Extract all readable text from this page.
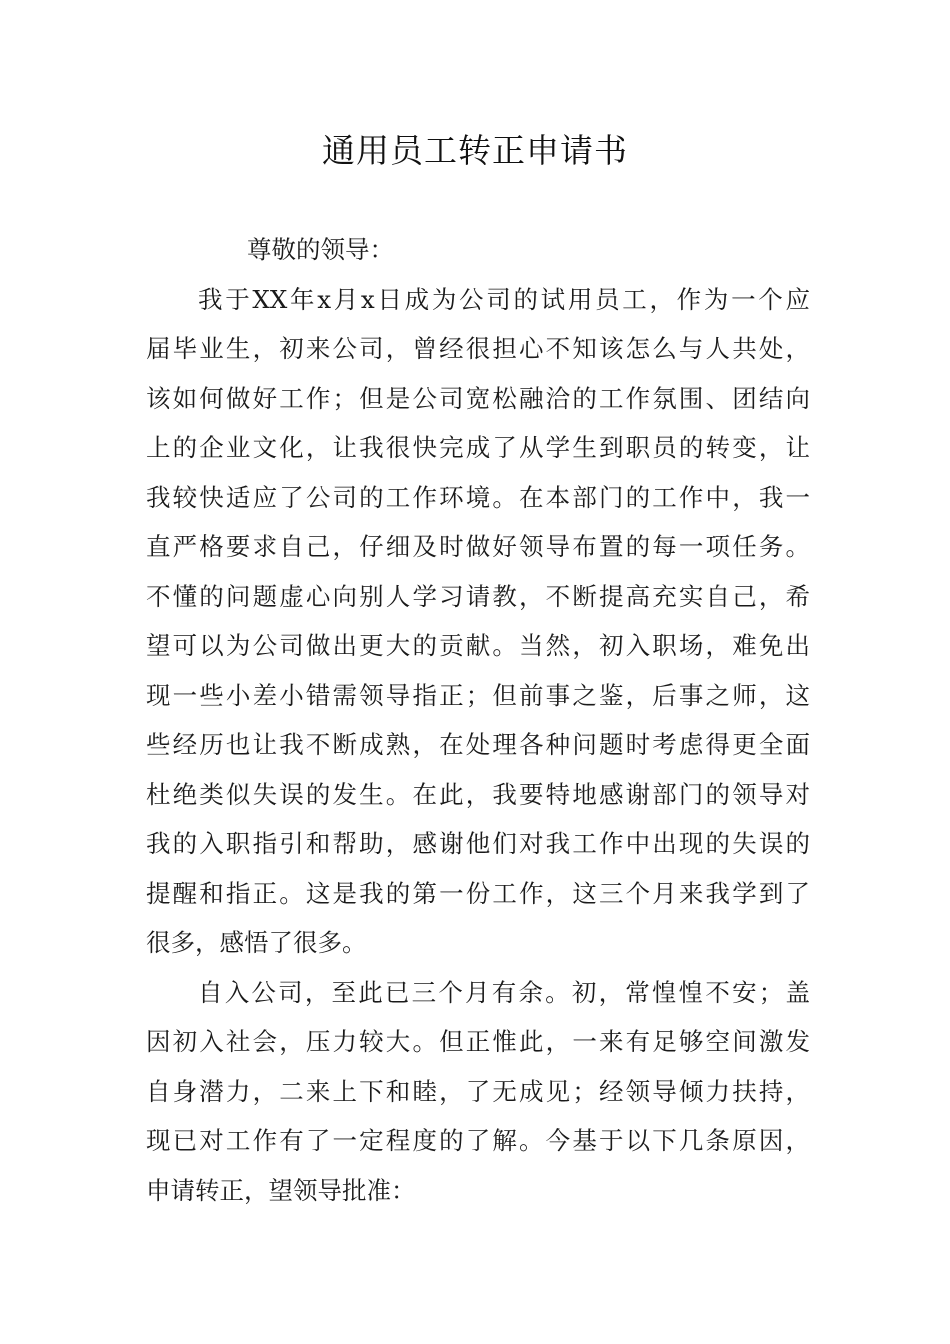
通用员工转正申请书
尊敬的领导：
我于XX年x月x日成为公司的试用员工，作为一个应
届毕业生，初来公司，曾经很担心不知该怎么与人共处，
该如何做好工作；但是公司宽松融洽的工作氛围、团结向
上的企业文化，让我很快完成了从学生到职员的转变，让
我较快适应了公司的工作环境。在本部门的工作中，我一
直严格要求自己，仔细及时做好领导布置的每一项任务。
不懂的问题虚心向别人学习请教，不断提高充实自己，希
望可以为公司做出更大的贡献。当然，初入职场，难免出
现一些小差小错需领导指正；但前事之鉴，后事之师，这
些经历也让我不断成熟，在处理各种问题时考虑得更全面
杜绝类似失误的发生。在此，我要特地感谢部门的领导对
我的入职指引和帮助，感谢他们对我工作中出现的失误的
提醒和指正。这是我的第一份工作，这三个月来我学到了
很多，感悟了很多。
自入公司，至此已三个月有余。初，常惶惶不安；盖
因初入社会，压力较大。但正惟此，一来有足够空间激发
自身潜力，二来上下和睦，了无成见；经领导倾力扶持，
现已对工作有了一定程度的了解。今基于以下几条原因，
申请转正，望领导批准：
